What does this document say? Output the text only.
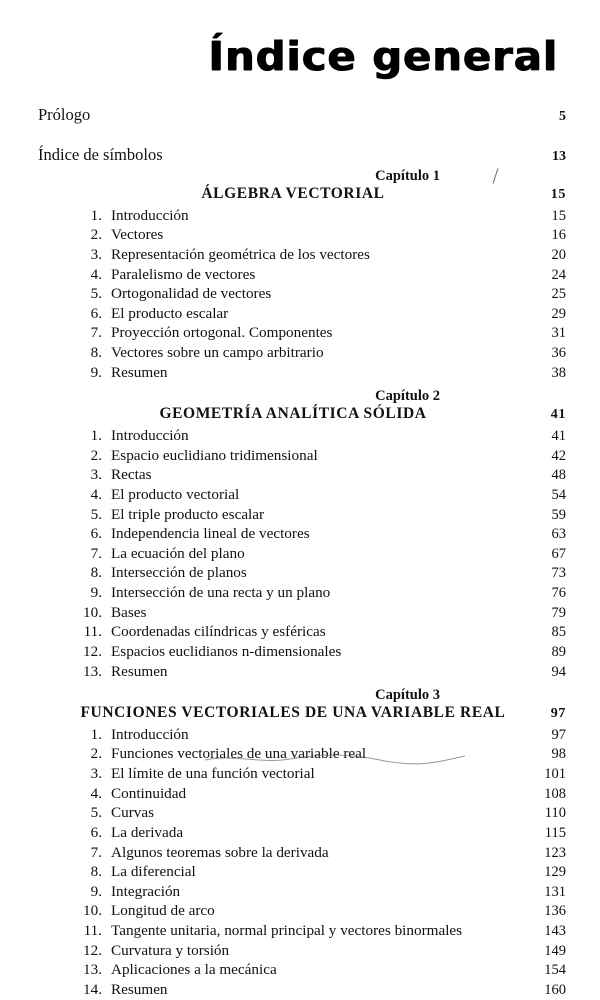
Índice general
Prólogo	5
Índice de símbolos	13
Capítulo 1
ÁLGEBRA VECTORIAL	15
1. Introducción	15
2. Vectores	16
3. Representación geométrica de los vectores	20
4. Paralelismo de vectores	24
5. Ortogonalidad de vectores	25
6. El producto escalar	29
7. Proyección ortogonal. Componentes	31
8. Vectores sobre un campo arbitrario	36
9. Resumen	38
Capítulo 2
GEOMETRÍA ANALÍTICA SÓLIDA	41
1. Introducción	41
2. Espacio euclidiano tridimensional	42
3. Rectas	48
4. El producto vectorial	54
5. El triple producto escalar	59
6. Independencia lineal de vectores	63
7. La ecuación del plano	67
8. Intersección de planos	73
9. Intersección de una recta y un plano	76
10. Bases	79
11. Coordenadas cilíndricas y esféricas	85
12. Espacios euclidianos n-dimensionales	89
13. Resumen	94
Capítulo 3
FUNCIONES VECTORIALES DE UNA VARIABLE REAL	97
1. Introducción	97
2. Funciones vectoriales de una variable real	98
3. El límite de una función vectorial	101
4. Continuidad	108
5. Curvas	110
6. La derivada	115
7. Algunos teoremas sobre la derivada	123
8. La diferencial	129
9. Integración	131
10. Longitud de arco	136
11. Tangente unitaria, normal principal y vectores binormales	143
12. Curvatura y torsión	149
13. Aplicaciones a la mecánica	154
14. Resumen	160
